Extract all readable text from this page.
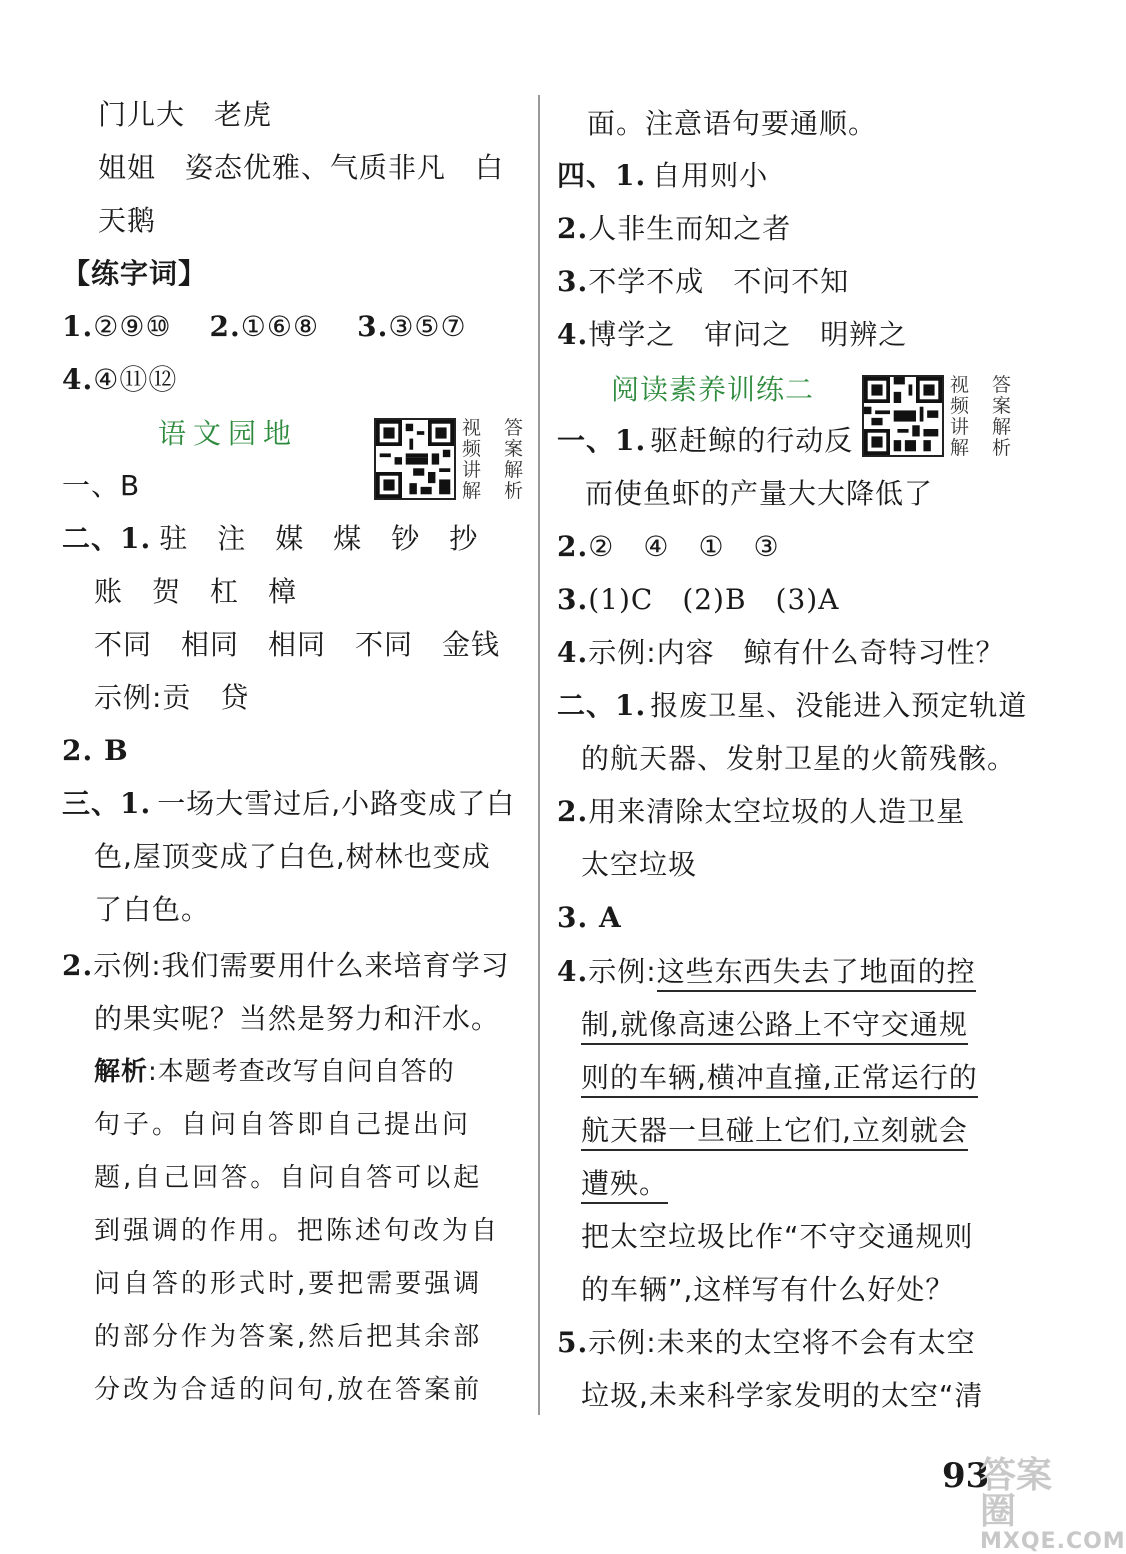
门儿大　老虎
姐姐　姿态优雅、气质非凡　白
天鹅
【练字词】
1.②⑨⑩ 2.①⑥⑧ 3.③⑤⑦
4.④⑪⑫
语文园地	视　答
频　案
讲　解
解　析
一、B
二、1. 驻　注　媒　煤　钞　抄
账　贺　杠　樟
不同　相同　相同　不同　金钱
示例:贡　贷
2. B
三、1. 一场大雪过后,小路变成了白
色,屋顶变成了白色,树林也变成
了白色。
2.示例:我们需要用什么来培育学习
的果实呢？当然是努力和汗水。
解析:本题考查改写自问自答的
句子。自问自答即自己提出问
题,自己回答。自问自答可以起
到强调的作用。把陈述句改为自
问自答的形式时,要把需要强调
的部分作为答案,然后把其余部
分改为合适的问句,放在答案前
面。注意语句要通顺。
四、1. 自用则小
2.人非生而知之者
3.不学不成　不问不知
4.博学之　审问之　明辨之
阅读素养训练二	视　答
频　案
讲　解
解　析
一、1. 驱赶鲸的行动反
而使鱼虾的产量大大降低了
2.②　④　①　③
3.(1)C　(2)B　(3)A
4.示例:内容　鲸有什么奇特习性？
二、1. 报废卫星、没能进入预定轨道
的航天器、发射卫星的火箭残骸。
2.用来清除太空垃圾的人造卫星
太空垃圾
3. A
4.示例:这些东西失去了地面的控
制,就像高速公路上不守交通规
则的车辆,横冲直撞,正常运行的
航天器一旦碰上它们,立刻就会
遭殃。
把太空垃圾比作“不守交通规则
的车辆”,这样写有什么好处？
5.示例:未来的太空将不会有太空
垃圾,未来科学家发明的太空“清
93
答案圈
MXQE.COM
